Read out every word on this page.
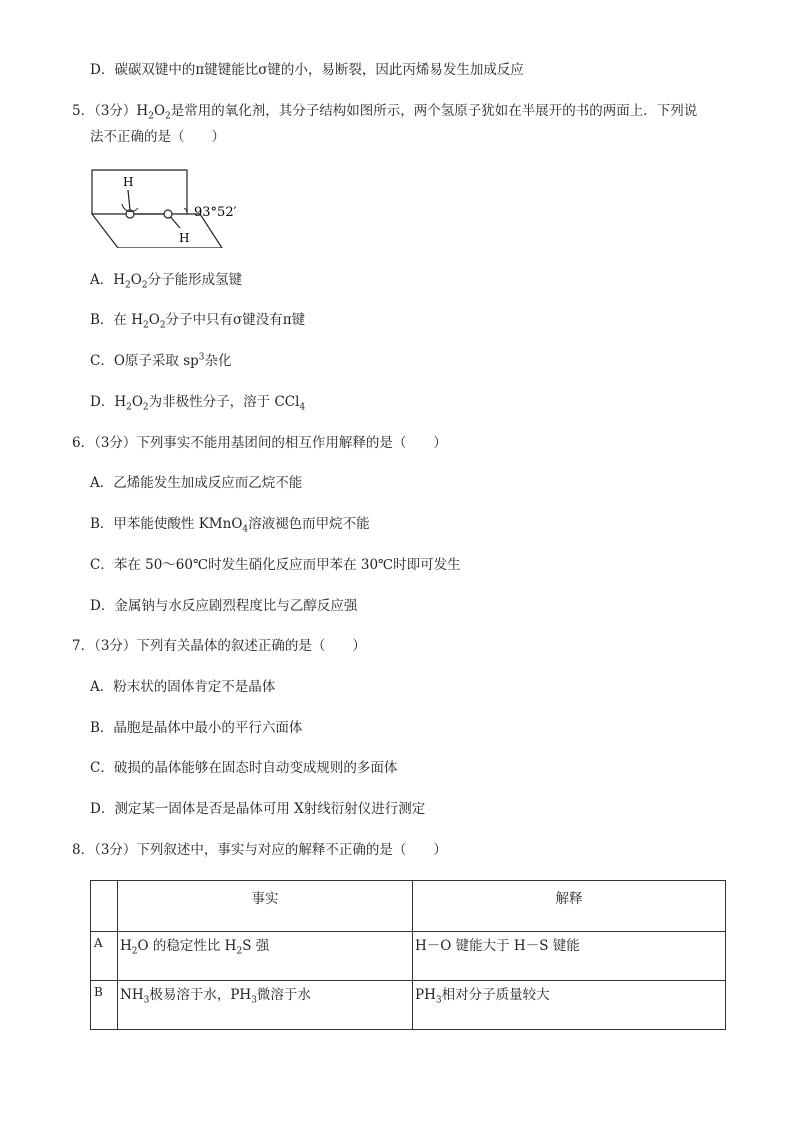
D．碳碳双键中的π键键能比σ键的小，易断裂，因此丙烯易发生加成反应
5．（3分）$H_2O_2$是常用的氧化剂，其分子结构如图所示，两个氢原子犹如在半展开的书的两面上．下列说
法不正确的是（　　）
H
H
93°52′
A．$H_2O_2$分子能形成氢键
B．在 $H_2O_2$分子中只有σ键没有π键
C．O原子采取 $sp^3$杂化
D．$H_2O_2$为非极性分子，溶于 CCl$_4$
6．（3分）下列事实不能用基团间的相互作用解释的是（　　）
A．乙烯能发生加成反应而乙烷不能
B．甲苯能使酸性 KMnO$_4$溶液褪色而甲烷不能
C．苯在 50～60℃时发生硝化反应而甲苯在 30℃时即可发生
D．金属钠与水反应剧烈程度比与乙醇反应强
7．（3分）下列有关晶体的叙述正确的是（　　）
A．粉末状的固体肯定不是晶体
B．晶胞是晶体中最小的平行六面体
C．破损的晶体能够在固态时自动变成规则的多面体
D．测定某一固体是否是晶体可用 X射线衍射仪进行测定
8．（3分）下列叙述中，事实与对应的解释不正确的是（　　）
	事实	解释
A	$H_2O$ 的稳定性比 $H_2S$ 强	H－O 键能大于 H－S 键能
B	$NH_3$极易溶于水，$PH_3$微溶于水	$PH_3$相对分子质量较大
